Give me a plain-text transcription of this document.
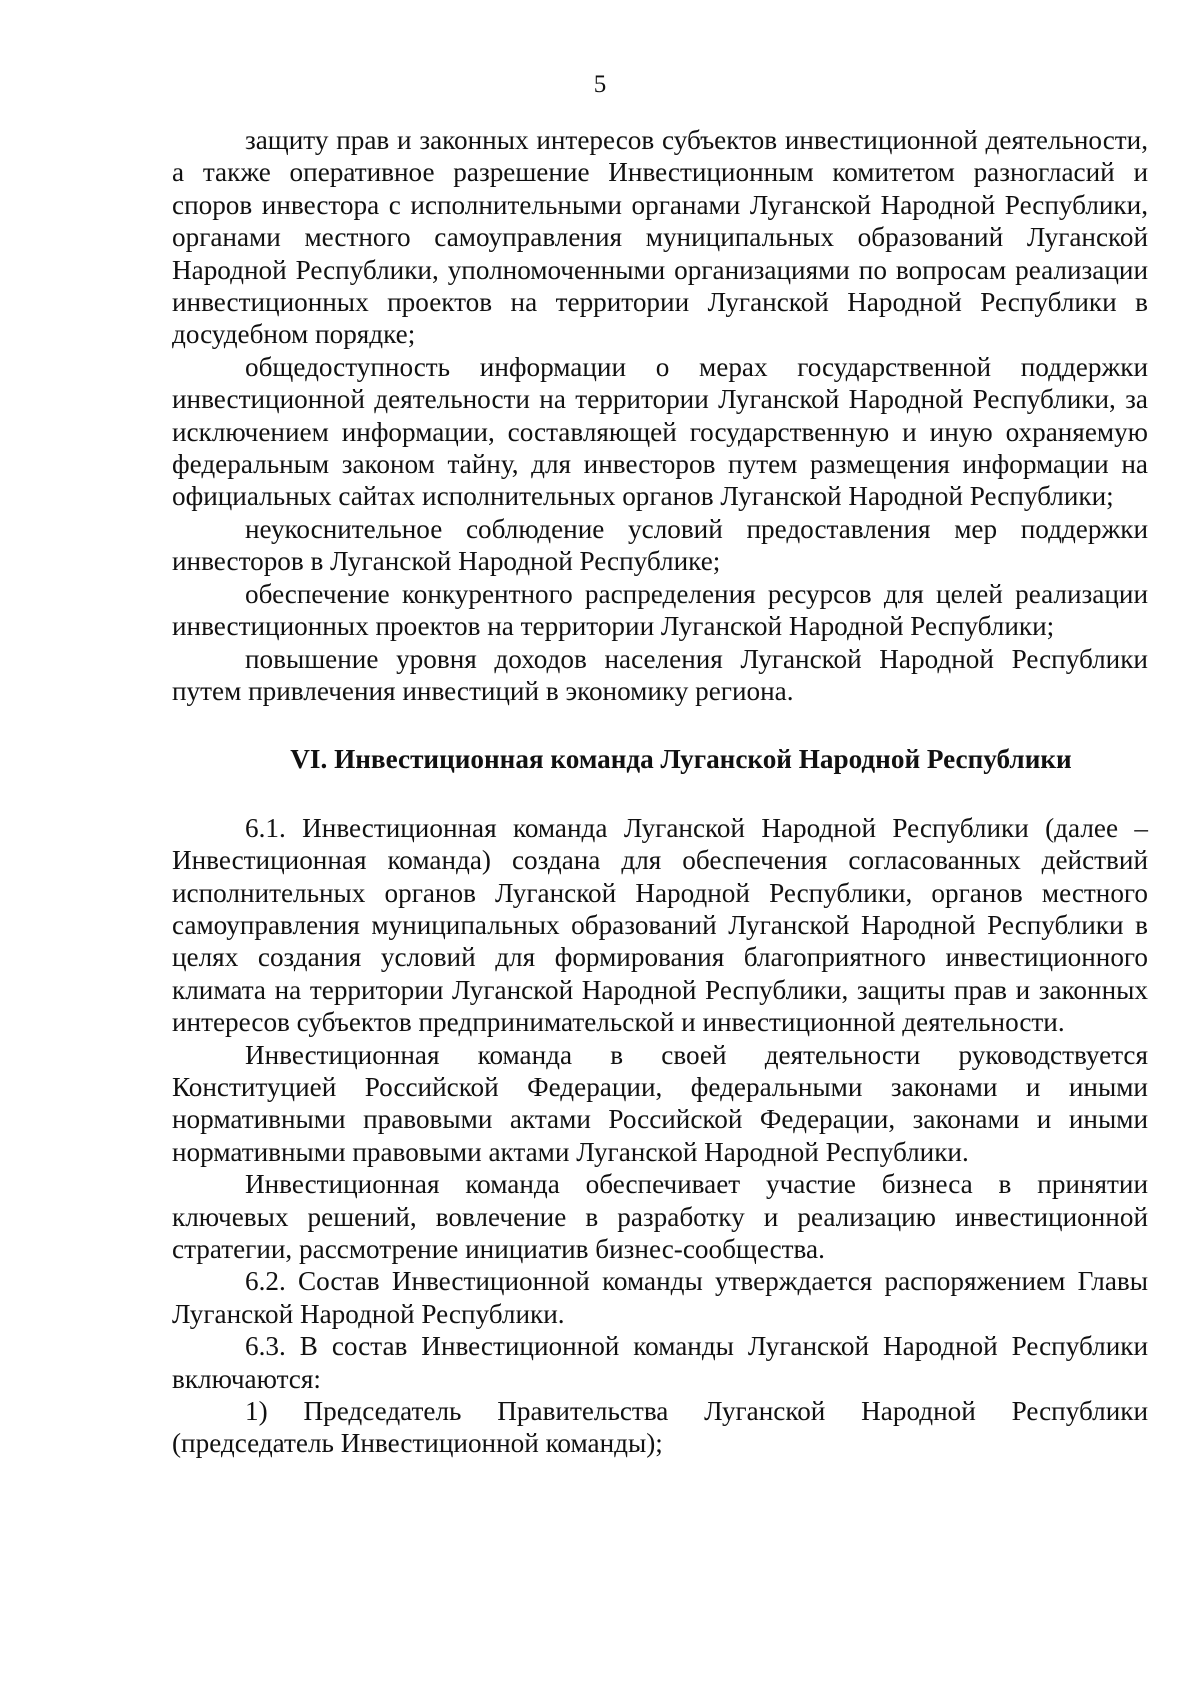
5

защиту прав и законных интересов субъектов инвестиционной деятельности, а также оперативное разрешение Инвестиционным комитетом разногласий и споров инвестора с исполнительными органами Луганской Народной Республики, органами местного самоуправления муниципальных образований Луганской Народной Республики, уполномоченными организациями по вопросам реализации инвестиционных проектов на территории Луганской Народной Республики в досудебном порядке;

общедоступность информации о мерах государственной поддержки инвестиционной деятельности на территории Луганской Народной Республики, за исключением информации, составляющей государственную и иную охраняемую федеральным законом тайну, для инвесторов путем размещения информации на официальных сайтах исполнительных органов Луганской Народной Республики;

неукоснительное соблюдение условий предоставления мер поддержки инвесторов в Луганской Народной Республике;

обеспечение конкурентного распределения ресурсов для целей реализации инвестиционных проектов на территории Луганской Народной Республики;

повышение уровня доходов населения Луганской Народной Республики путем привлечения инвестиций в экономику региона.

VI. Инвестиционная команда Луганской Народной Республики

6.1. Инвестиционная команда Луганской Народной Республики (далее – Инвестиционная команда) создана для обеспечения согласованных действий исполнительных органов Луганской Народной Республики, органов местного самоуправления муниципальных образований Луганской Народной Республики в целях создания условий для формирования благоприятного инвестиционного климата на территории Луганской Народной Республики, защиты прав и законных интересов субъектов предпринимательской и инвестиционной деятельности.

Инвестиционная команда в своей деятельности руководствуется Конституцией Российской Федерации, федеральными законами и иными нормативными правовыми актами Российской Федерации, законами и иными нормативными правовыми актами Луганской Народной Республики.

Инвестиционная команда обеспечивает участие бизнеса в принятии ключевых решений, вовлечение в разработку и реализацию инвестиционной стратегии, рассмотрение инициатив бизнес-сообщества.

6.2. Состав Инвестиционной команды утверждается распоряжением Главы Луганской Народной Республики.

6.3. В состав Инвестиционной команды Луганской Народной Республики включаются:

1) Председатель Правительства Луганской Народной Республики (председатель Инвестиционной команды);
